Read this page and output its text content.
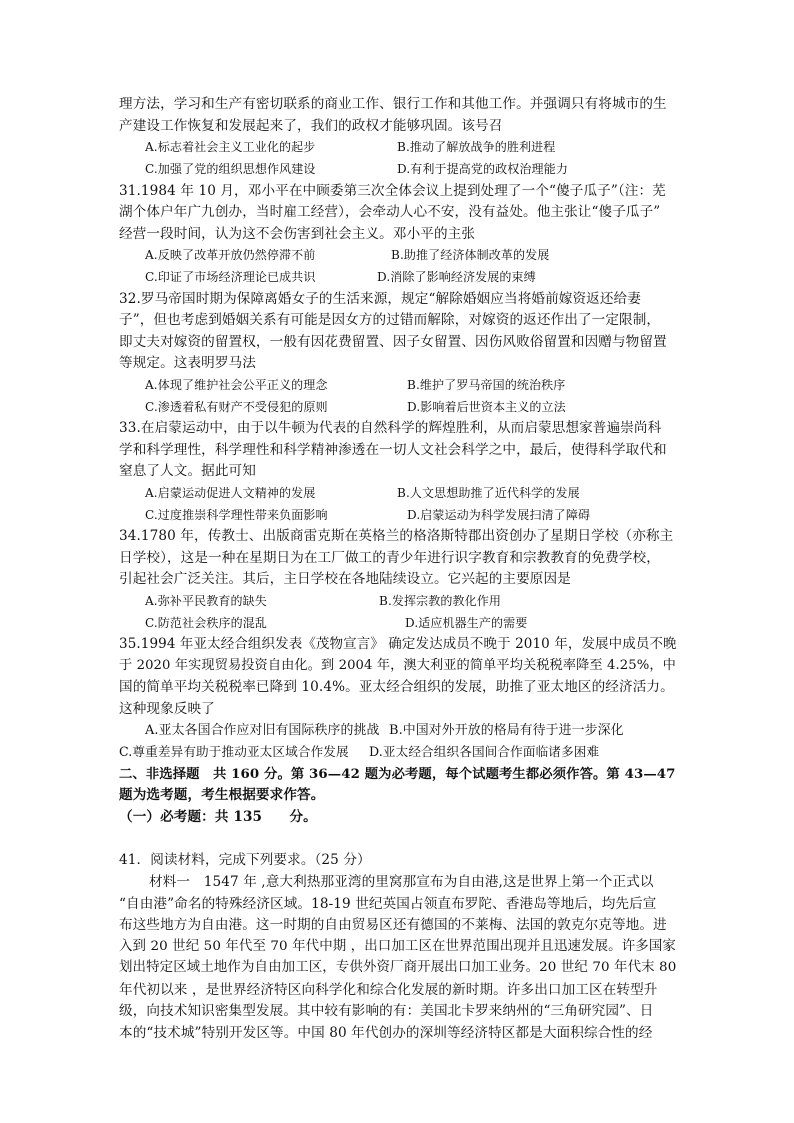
理方法，学习和生产有密切联系的商业工作、银行工作和其他工作。并强调只有将城市的生
产建设工作恢复和发展起来了，我们的政权才能够巩固。该号召
A.标志着社会主义工业化的起步	B.推动了解放战争的胜利进程
C.加强了党的组织思想作风建设	D.有利于提高党的政权治理能力
31.1984 年 10 月，邓小平在中顾委第三次全体会议上提到处理了一个“傻子瓜子”（注：芜
湖个体户年广九创办，当时雇工经营），会牵动人心不安，没有益处。他主张让“傻子瓜子”
经营一段时间，认为这不会伤害到社会主义。邓小平的主张
A.反映了改革开放仍然停滞不前	B.助推了经济体制改革的发展
C.印证了市场经济理论已成共识	D.消除了影响经济发展的束缚
32.罗马帝国时期为保障离婚女子的生活来源，规定“解除婚姻应当将婚前嫁资返还给妻
子”，但也考虑到婚姻关系有可能是因女方的过错而解除，对嫁资的返还作出了一定限制，
即丈夫对嫁资的留置权，一般有因花费留置、因子女留置、因伤风败俗留置和因赠与物留置
等规定。这表明罗马法
A.体现了维护社会公平正义的理念	B.维护了罗马帝国的统治秩序
C.渗透着私有财产不受侵犯的原则	D.影响着后世资本主义的立法
33.在启蒙运动中，由于以牛顿为代表的自然科学的辉煌胜利，从而启蒙思想家普遍崇尚科
学和科学理性，科学理性和科学精神渗透在一切人文社会科学之中，最后，使得科学取代和
窒息了人文。据此可知
A.启蒙运动促进人文精神的发展	B.人文思想助推了近代科学的发展
C.过度推崇科学理性带来负面影响	D.启蒙运动为科学发展扫清了障碍
34.1780 年，传教士、出版商雷克斯在英格兰的格洛斯特郡出资创办了星期日学校（亦称主
日学校），这是一种在星期日为在工厂做工的青少年进行识字教育和宗教教育的免费学校，
引起社会广泛关注。其后，主日学校在各地陆续设立。它兴起的主要原因是
A.弥补平民教育的缺失	B.发挥宗教的教化作用
C.防范社会秩序的混乱	D.适应机器生产的需要
35.1994 年亚太经合组织发表《茂物宣言》 确定发达成员不晚于 2010 年，发展中成员不晚
于 2020 年实现贸易投资自由化。到 2004 年，澳大利亚的简单平均关税税率降至 4.25%，中
国的简单平均关税税率已降到 10.4%。亚太经合组织的发展，助推了亚太地区的经济活力。
这种现象反映了
A.亚太各国合作应对旧有国际秩序的挑战 B.中国对外开放的格局有待于进一步深化
C.尊重差异有助于推动亚太区域合作发展 D.亚太经合组织各国间合作面临诸多困难
二、非选择题　共 160 分。第 36—42 题为必考题，每个试题考生都必须作答。第 43—47
题为选考题，考生根据要求作答。
（一）必考题：共 135　　分。
41．阅读材料，完成下列要求。（25 分）
材料一　1547 年 ,意大利热那亚湾的里窝那宣布为自由港,这是世界上第一个正式以
“自由港”命名的特殊经济区域。18-19 世纪英国占领直布罗陀、香港岛等地后，均先后宣
布这些地方为自由港。这一时期的自由贸易区还有德国的不莱梅、法国的敦克尔克等地。进
入到 20 世纪 50 年代至 70 年代中期 ，出口加工区在世界范围出现并且迅速发展。许多国家
划出特定区域土地作为自由加工区，专供外资厂商开展出口加工业务。20 世纪 70 年代末 80
年代初以来 ，是世界经济特区向科学化和综合化发展的新时期。许多出口加工区在转型升
级，向技术知识密集型发展。其中较有影响的有：美国北卡罗来纳州的“三角研究园”、日
本的“技术城”特别开发区等。中国 80 年代创办的深圳等经济特区都是大面积综合性的经
